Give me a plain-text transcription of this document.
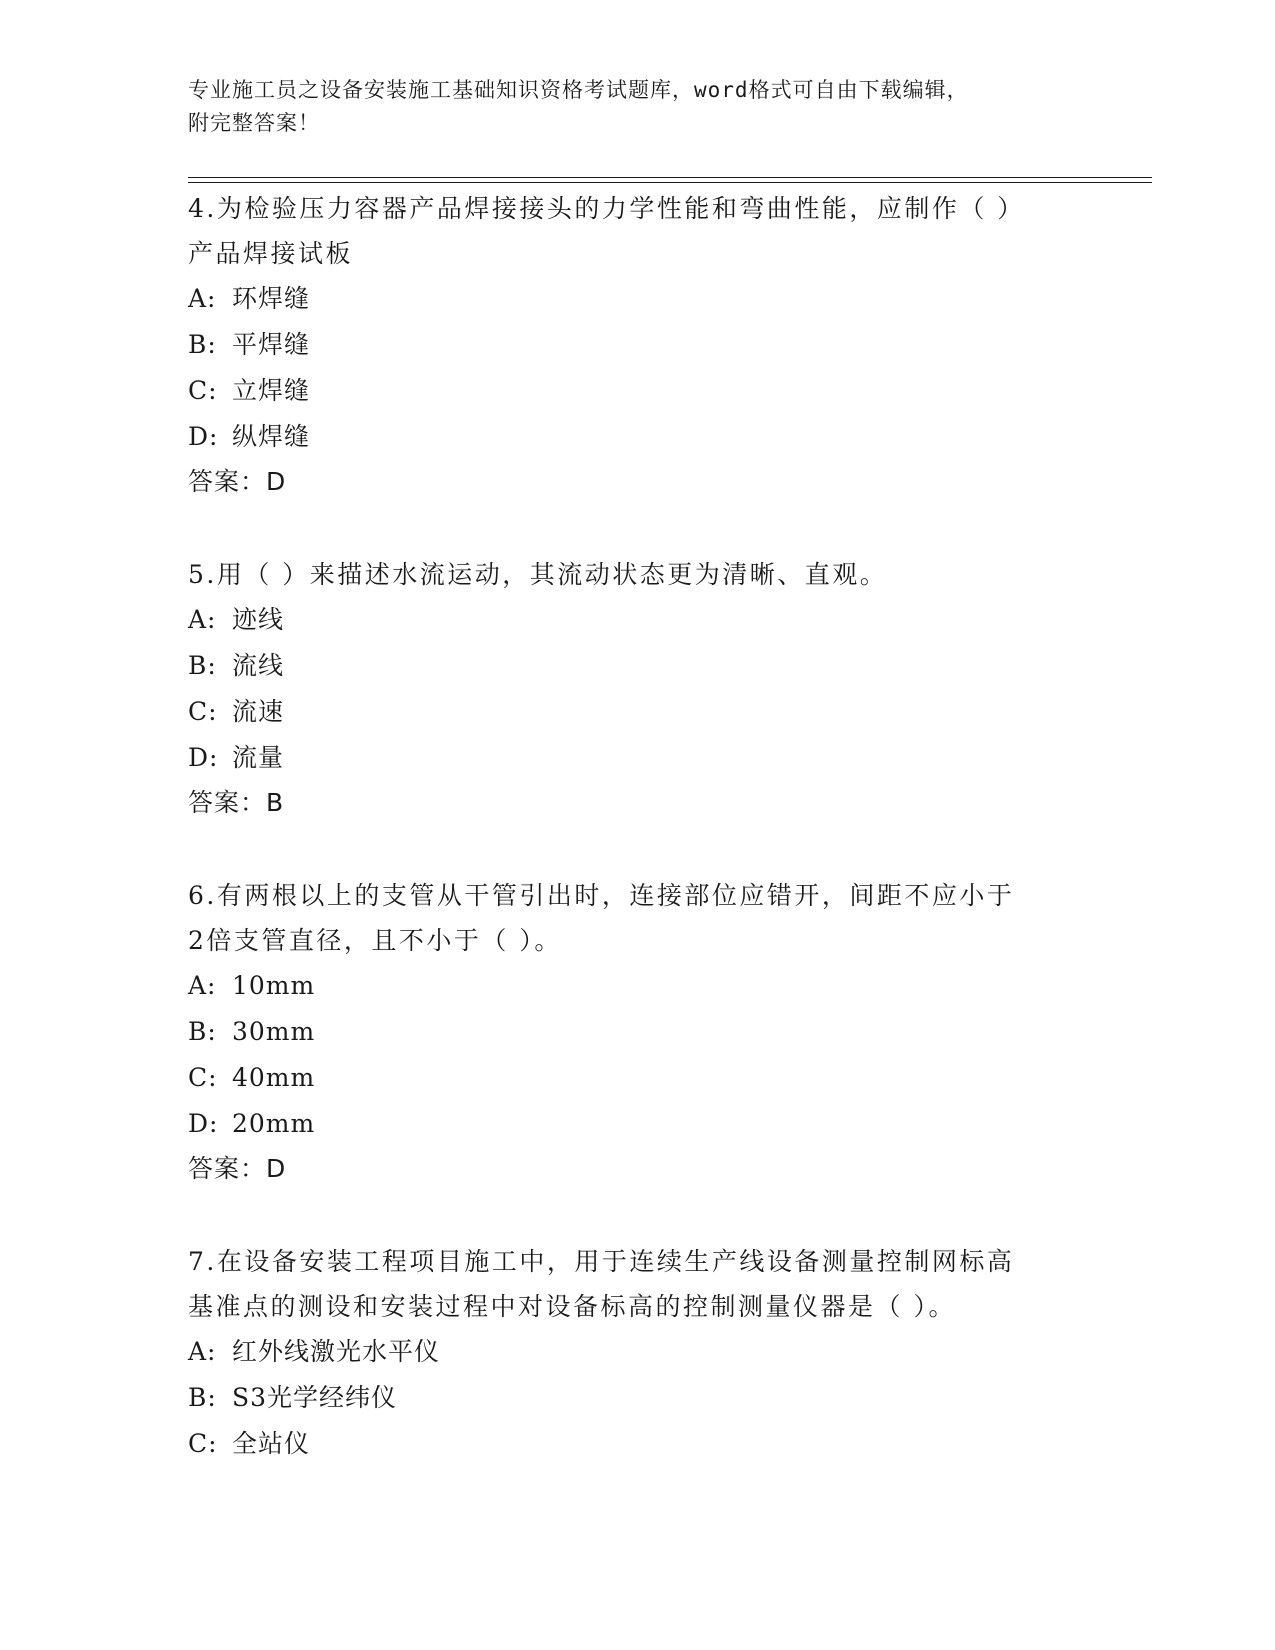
专业施工员之设备安装施工基础知识资格考试题库，word格式可自由下载编辑，
附完整答案！
4.为检验压力容器产品焊接接头的力学性能和弯曲性能，应制作（ ）
产品焊接试板
A: 环焊缝
B: 平焊缝
C: 立焊缝
D: 纵焊缝
答案：D
5.用（ ）来描述水流运动，其流动状态更为清晰、直观。
A: 迹线
B: 流线
C: 流速
D: 流量
答案：B
6.有两根以上的支管从干管引出时，连接部位应错开，间距不应小于
2倍支管直径，且不小于（ ）。
A: 10mm
B: 30mm
C: 40mm
D: 20mm
答案：D
7.在设备安装工程项目施工中，用于连续生产线设备测量控制网标高
基准点的测设和安装过程中对设备标高的控制测量仪器是（ ）。
A: 红外线激光水平仪
B: S3光学经纬仪
C: 全站仪
